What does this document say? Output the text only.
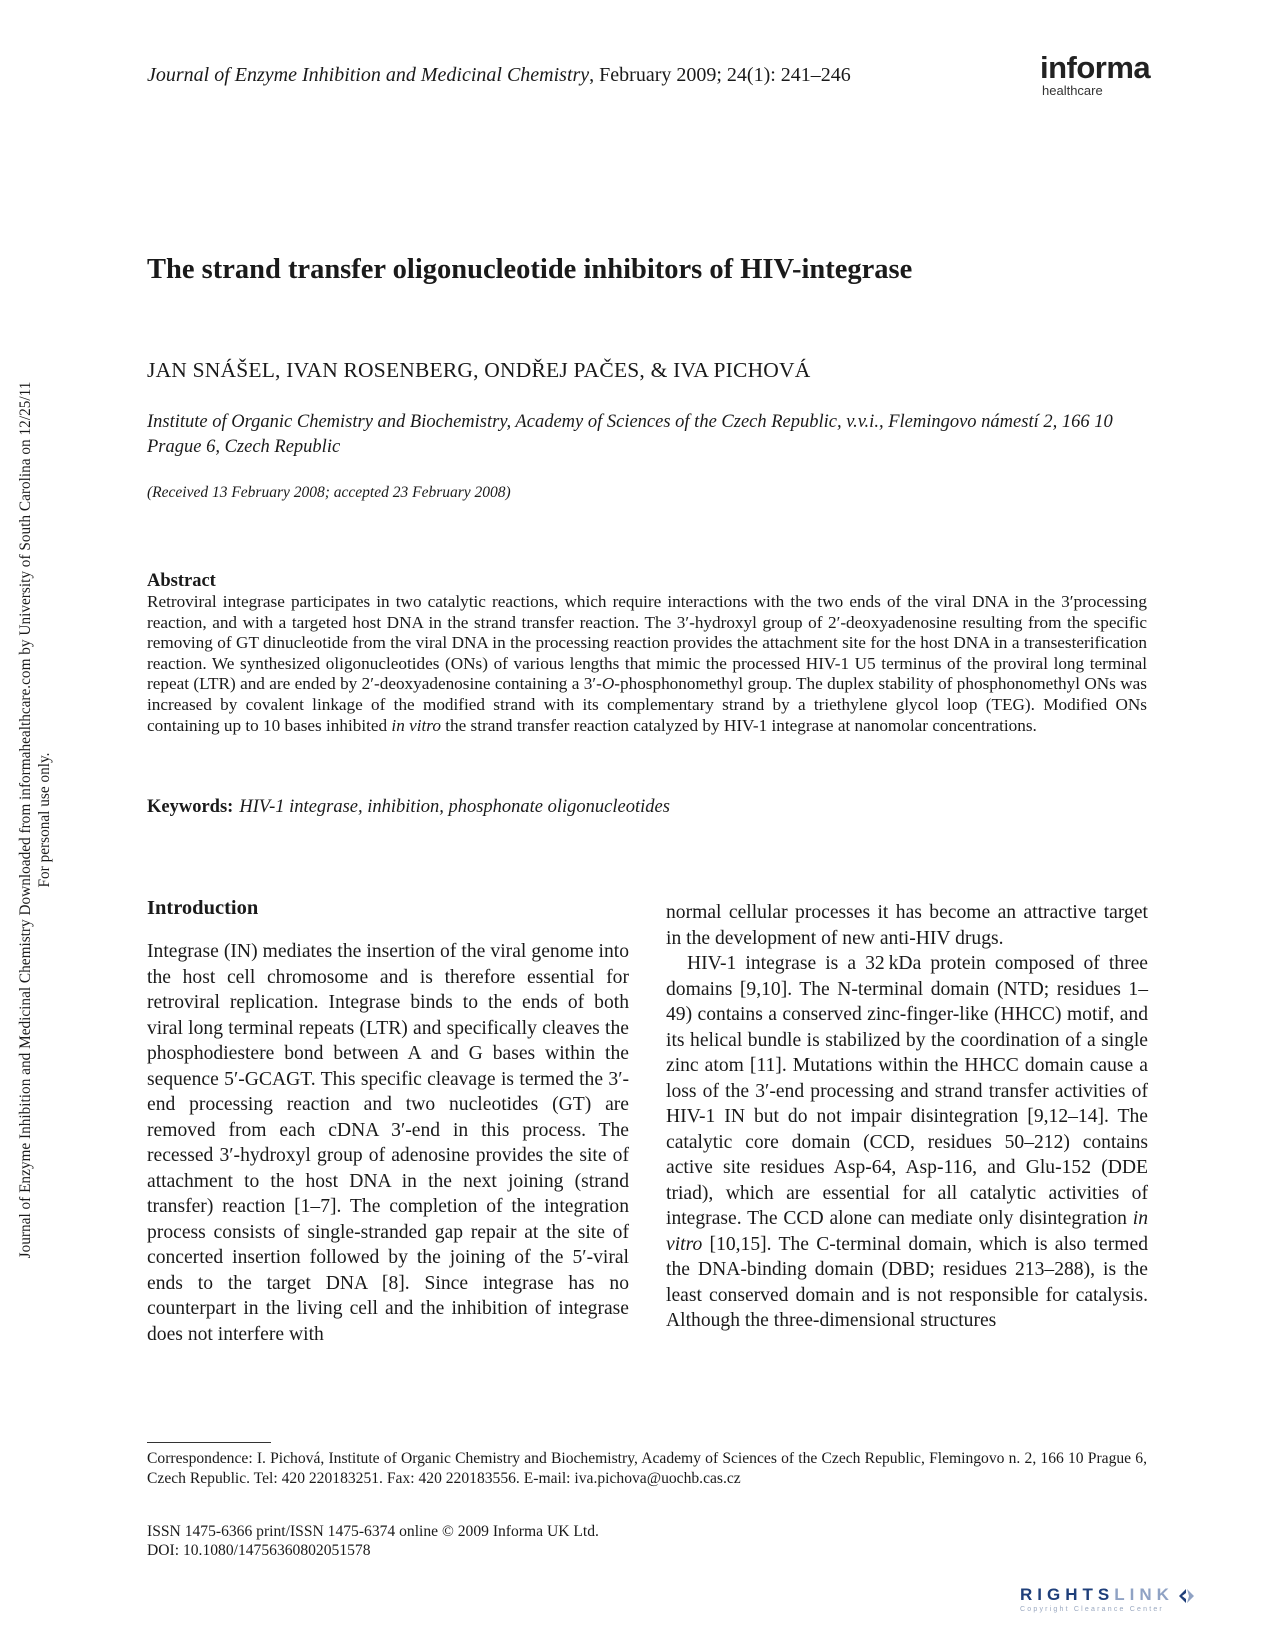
Journal of Enzyme Inhibition and Medicinal Chemistry, February 2009; 24(1): 241–246	informa
healthcare
The strand transfer oligonucleotide inhibitors of HIV-integrase
JAN SNÁŠEL, IVAN ROSENBERG, ONDŘEJ PAČES, & IVA PICHOVÁ
Institute of Organic Chemistry and Biochemistry, Academy of Sciences of the Czech Republic, v.v.i., Flemingovo námestí 2, 166 10 Prague 6, Czech Republic
(Received 13 February 2008; accepted 23 February 2008)
Abstract
Retroviral integrase participates in two catalytic reactions, which require interactions with the two ends of the viral DNA in the 3′processing reaction, and with a targeted host DNA in the strand transfer reaction. The 3′-hydroxyl group of 2′-deoxyadenosine resulting from the specific removing of GT dinucleotide from the viral DNA in the processing reaction provides the attachment site for the host DNA in a transesterification reaction. We synthesized oligonucleotides (ONs) of various lengths that mimic the processed HIV-1 U5 terminus of the proviral long terminal repeat (LTR) and are ended by 2′-deoxyadenosine containing a 3′-O-phosphonomethyl group. The duplex stability of phosphonomethyl ONs was increased by covalent linkage of the modified strand with its complementary strand by a triethylene glycol loop (TEG). Modified ONs containing up to 10 bases inhibited in vitro the strand transfer reaction catalyzed by HIV-1 integrase at nanomolar concentrations.
Keywords: HIV-1 integrase, inhibition, phosphonate oligonucleotides
Introduction

Integrase (IN) mediates the insertion of the viral genome into the host cell chromosome and is therefore essential for retroviral replication. Integrase binds to the ends of both viral long terminal repeats (LTR) and specifically cleaves the phosphodiestere bond between A and G bases within the sequence 5′-GCAGT. This specific cleavage is termed the 3′-end processing reaction and two nucleotides (GT) are removed from each cDNA 3′-end in this process. The recessed 3′-hydroxyl group of adenosine provides the site of attachment to the host DNA in the next joining (strand transfer) reaction [1–7]. The completion of the integration process consists of single-stranded gap repair at the site of concerted insertion followed by the joining of the 5′-viral ends to the target DNA [8]. Since integrase has no counterpart in the living cell and the inhibition of integrase does not interfere with

normal cellular processes it has become an attractive target in the development of new anti-HIV drugs.

HIV-1 integrase is a 32 kDa protein composed of three domains [9,10]. The N-terminal domain (NTD; residues 1–49) contains a conserved zinc-finger-like (HHCC) motif, and its helical bundle is stabilized by the coordination of a single zinc atom [11]. Mutations within the HHCC domain cause a loss of the 3′-end processing and strand transfer activities of HIV-1 IN but do not impair disintegration [9,12–14]. The catalytic core domain (CCD, residues 50–212) contains active site residues Asp-64, Asp-116, and Glu-152 (DDE triad), which are essential for all catalytic activities of integrase. The CCD alone can mediate only disintegration in vitro [10,15]. The C-terminal domain, which is also termed the DNA-binding domain (DBD; residues 213–288), is the least conserved domain and is not responsible for catalysis. Although the three-dimensional structures

Correspondence: I. Pichová, Institute of Organic Chemistry and Biochemistry, Academy of Sciences of the Czech Republic, Flemingovo n. 2, 166 10 Prague 6, Czech Republic. Tel: 420 220183251. Fax: 420 220183556. E-mail: iva.pichova@uochb.cas.cz
ISSN 1475-6366 print/ISSN 1475-6374 online © 2009 Informa UK Ltd.
DOI: 10.1080/14756360802051578
Journal of Enzyme Inhibition and Medicinal Chemistry Downloaded from informahealthcare.com by University of South Carolina on 12/25/11 For personal use only.
RIGHTSLINK
Copyright Clearance Center
